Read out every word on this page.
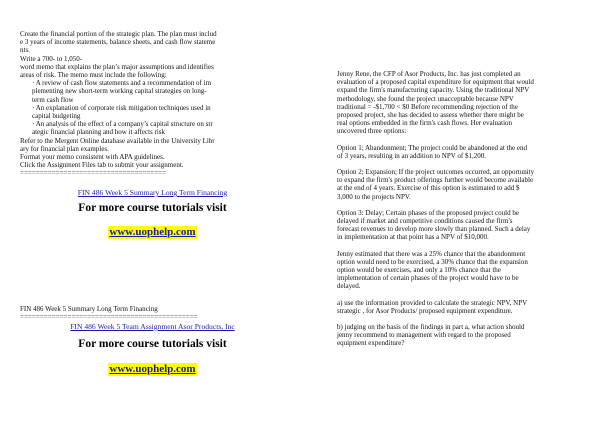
Create the financial portion of the strategic plan. The plan must includ
e 3 years of income statements, balance sheets, and cash flow stateme
nts.
Write a 700- to 1,050-
word memo that explains the plan’s major assumptions and identifies
areas of risk. The memo must include the following:
· A review of cash flow statements and a recommendation of im
plementing new short-term working capital strategies on long-
term cash flow
· An explanation of corporate risk mitigation techniques used in
capital budgeting
· An analysis of the effect of a company’s capital structure on str
ategic financial planning and how it affects risk
Refer to the Mergent Online database available in the University Libr
ary for financial plan examples.
Format your memo consistent with APA guidelines.
Click the Assignment Files tab to submit your assignment.
=====================================
FIN 486 Week 5 Summary Long Term Financing
For more course tutorials visit
www.uophelp.com
FIN 486 Week 5 Summary Long Term Financing
=============================================
FIN 486 Week 5 Team Assignment Asor Products, Inc
For more course tutorials visit
www.uophelp.com

Jenny Rene, the CFP of Asor Products, Inc. has just completed an
evaluation of a proposed capital expenditure for equipment that would
expand the firm's manufacturing capacity. Using the traditional NPV
methodology, she found the project unacceptable because NPV
traditional = -$1,700 < $0 Before recommending rejection of the
proposed project, she has decided to assess whether there might be
real options embedded in the firm's cash flows. Her evaluation
uncovered three options:

Option 1; Abandonment; The project could be abandoned at the end
of 3 years, resulting in an addition to NPV of $1,200.

Option 2; Expansion; If the project outcomes occurred, an opportunity
to expand the firm's product offerings further would become available
at the end of 4 years. Exercise of this option is estimated to add $
3,000 to the projects NPV.

Option 3: Delay; Certain phases of the proposed project could be
delayed if market and competitive conditions caused the firm's
forecast revenues to develop more slowly than planned. Such a delay
in implementation at that point has a NPV of $10,000.

Jenny estimated that there was a 25% chance that the abandonment
option would need to be exercised, a 30% chance that the expansion
option would be exercises, and only a 10% chance that the
implementation of certain phases of the project would have to be
delayed.

a) use the information provided to calculate the strategic NPV, NPV
strategic , for Asor Products/ proposed equipment expenditure.

b) judging on the basis of the findings in part a, what action should
jenny recommend to management with regard to the proposed
equipment expenditure?
